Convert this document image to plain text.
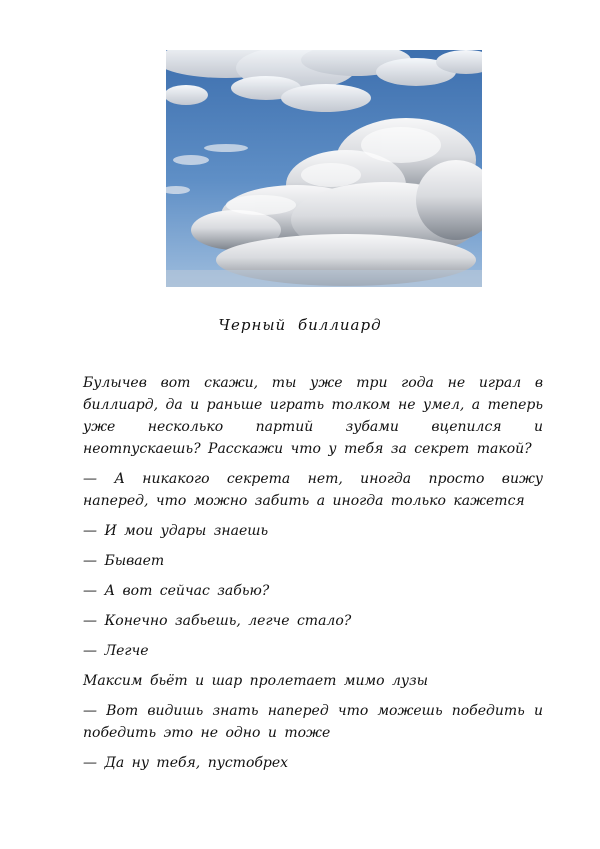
Черный биллиард

Булычев вот скажи, ты уже три года не играл в биллиард, да и раньше играть толком не умел, а теперь уже несколько партий зубами вцепился и неотпускаешь? Расскажи что у тебя за секрет такой?

— А никакого секрета нет, иногда просто вижу наперед, что можно забить а иногда только кажется

— И мои удары знаешь

— Бывает

— А вот сейчас забью?

— Конечно забьешь, легче стало?

— Легче

Максим бьёт и шар пролетает мимо лузы

— Вот видишь знать наперед что можешь победить и победить это не одно и тоже

— Да ну тебя, пустобрех
